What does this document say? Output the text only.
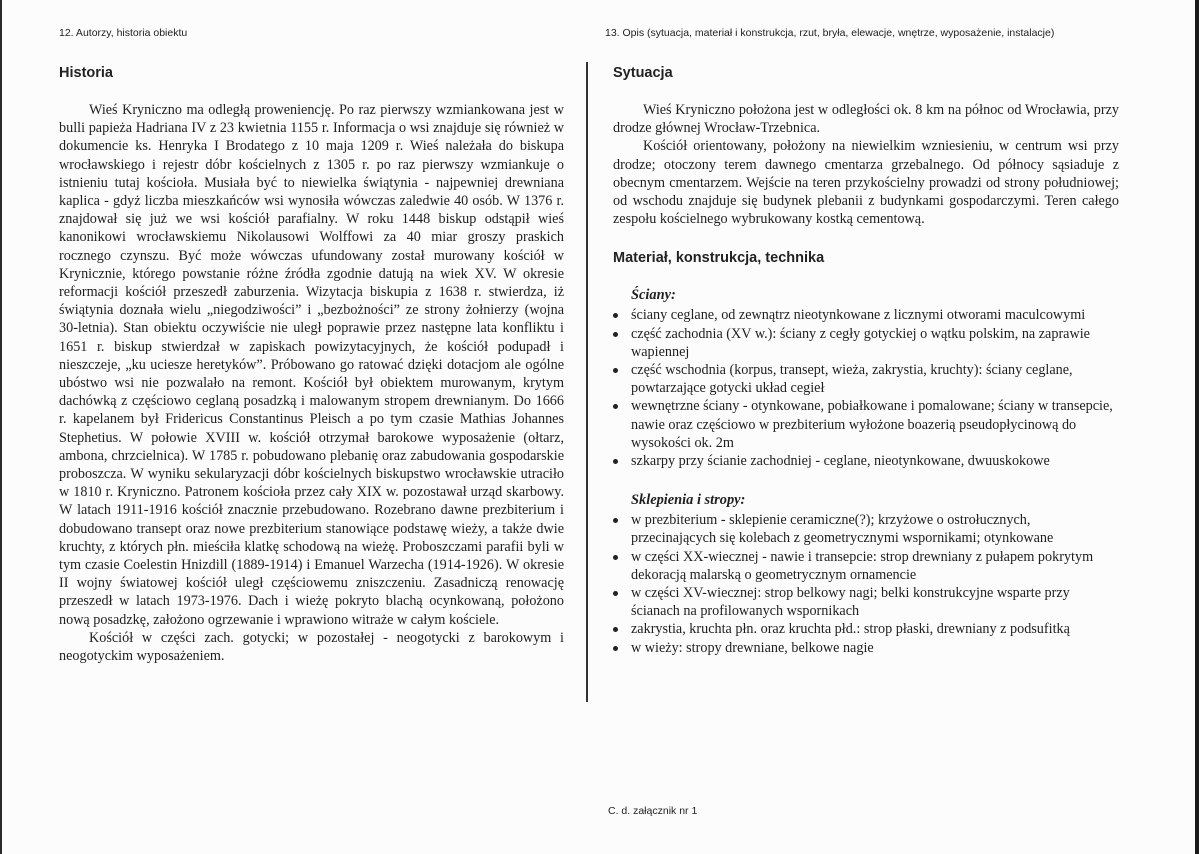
12. Autorzy, historia obiektu

Historia

Wieś Kryniczno ma odległą proweniencję. Po raz pierwszy wzmiankowana jest w bulli papieża Hadriana IV z 23 kwietnia 1155 r. Informacja o wsi znajduje się również w dokumencie ks. Henryka I Brodatego z 10 maja 1209 r. Wieś należała do biskupa wrocławskiego i rejestr dóbr kościelnych z 1305 r. po raz pierwszy wzmiankuje o istnieniu tutaj kościoła. Musiała być to niewielka świątynia - najpewniej drewniana kaplica - gdyż liczba mieszkańców wsi wynosiła wówczas zaledwie 40 osób. W 1376 r. znajdował się już we wsi kościół parafialny. W roku 1448 biskup odstąpił wieś kanonikowi wrocławskiemu Nikolausowi Wolffowi za 40 miar groszy praskich rocznego czynszu. Być może wówczas ufundowany został murowany kościół w Krynicznie, którego powstanie różne źródła zgodnie datują na wiek XV. W okresie reformacji kościół przeszedł zaburzenia. Wizytacja biskupia z 1638 r. stwierdza, iż świątynia doznała wielu „niegodziwości” i „bezbożności” ze strony żołnierzy (wojna 30-letnia). Stan obiektu oczywiście nie uległ poprawie przez następne lata konfliktu i 1651 r. biskup stwierdzał w zapiskach powizytacyjnych, że kościół podupadł i nieszczeje, „ku uciesze heretyków”. Próbowano go ratować dzięki dotacjom ale ogólne ubóstwo wsi nie pozwalało na remont. Kościół był obiektem murowanym, krytym dachówką z częściowo ceglaną posadzką i malowanym stropem drewnianym. Do 1666 r. kapelanem był Fridericus Constantinus Pleisch a po tym czasie Mathias Johannes Stephetius. W połowie XVIII w. kościół otrzymał barokowe wyposażenie (ołtarz, ambona, chrzcielnica). W 1785 r. pobudowano plebanię oraz zabudowania gospodarskie proboszcza. W wyniku sekularyzacji dóbr kościelnych biskupstwo wrocławskie utraciło w 1810 r. Kryniczno. Patronem kościoła przez cały XIX w. pozostawał urząd skarbowy. W latach 1911-1916 kościół znacznie przebudowano. Rozebrano dawne prezbiterium i dobudowano transept oraz nowe prezbiterium stanowiące podstawę wieży, a także dwie kruchty, z których płn. mieściła klatkę schodową na wieżę. Proboszczami parafii byli w tym czasie Coelestin Hnizdill (1889-1914) i Emanuel Warzecha (1914-1926). W okresie II wojny światowej kościół uległ częściowemu zniszczeniu. Zasadniczą renowację przeszedł w latach 1973-1976. Dach i wieżę pokryto blachą ocynkowaną, położono nową posadzkę, założono ogrzewanie i wprawiono witraże w całym kościele.

Kościół w części zach. gotycki; w pozostałej - neogotycki z barokowym i neogotyckim wyposażeniem.

13. Opis (sytuacja, materiał i konstrukcja, rzut, bryła, elewacje, wnętrze, wyposażenie, instalacje)

Sytuacja

Wieś Kryniczno położona jest w odległości ok. 8 km na północ od Wrocławia, przy drodze głównej Wrocław-Trzebnica.

Kościół orientowany, położony na niewielkim wzniesieniu, w centrum wsi przy drodze; otoczony terem dawnego cmentarza grzebalnego. Od północy sąsiaduje z obecnym cmentarzem. Wejście na teren przykościelny prowadzi od strony południowej; od wschodu znajduje się budynek plebanii z budynkami gospodarczymi. Teren całego zespołu kościelnego wybrukowany kostką cementową.

Materiał, konstrukcja, technika

Ściany:

ściany ceglane, od zewnątrz nieotynkowane z licznymi otworami maculcowymi
część zachodnia (XV w.): ściany z cegły gotyckiej o wątku polskim, na zaprawie wapiennej
część wschodnia (korpus, transept, wieża, zakrystia, kruchty): ściany ceglane, powtarzające gotycki układ cegieł
wewnętrzne ściany - otynkowane, pobiałkowane i pomalowane; ściany w transepcie, nawie oraz częściowo w prezbiterium wyłożone boazerią pseudopłycinową do wysokości ok. 2m
szkarpy przy ścianie zachodniej - ceglane, nieotynkowane, dwuuskokowe

Sklepienia i stropy:

w prezbiterium - sklepienie ceramiczne(?); krzyżowe o ostrołucznych, przecinających się kolebach z geometrycznymi wspornikami; otynkowane
w części XX-wiecznej - nawie i transepcie: strop drewniany z pułapem pokrytym dekoracją malarską o geometrycznym ornamencie
w części XV-wiecznej: strop belkowy nagi; belki konstrukcyjne wsparte przy ścianach na profilowanych wspornikach
zakrystia, kruchta płn. oraz kruchta płd.: strop płaski, drewniany z podsufitką
w wieży: stropy drewniane, belkowe nagie
C. d. załącznik nr 1
